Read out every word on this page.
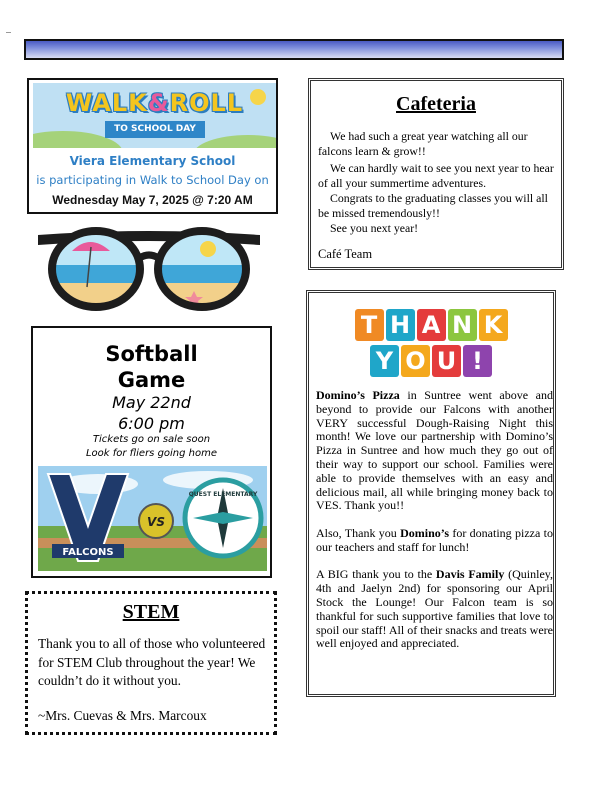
WALK&ROLL
TO SCHOOL DAY
Viera Elementary School
is participating in Walk to School Day on
Wednesday May 7, 2025 @ 7:20 AM
Softball
Game
May 22nd
6:00 pm
Tickets go on sale soon
Look for fliers going home
FALCONS
VS
QUEST ELEMENTARY
STEM
Thank you to all of those who volunteered for STEM Club throughout the year! We couldn’t do it without you.
~Mrs. Cuevas & Mrs. Marcoux
Cafeteria
We had such a great year watching all our falcons learn & grow!!
We can hardly wait to see you next year to hear of all your summertime adventures.
Congrats to the graduating classes you will all be missed tremendously!!
See you next year!
Café Team
T H A N K
Y O U !

Domino’s Pizza in Suntree went above and beyond to provide our Falcons with another VERY successful Dough-Raising Night this month! We love our partnership with Domino’s Pizza in Suntree and how much they go out of their way to support our school. Families were able to provide themselves with an easy and delicious mail, all while bringing money back to VES. Thank you!!

Also, Thank you Domino’s for donating pizza to our teachers and staff for lunch!

A BIG thank you to the Davis Family (Quinley, 4th and Jaelyn 2nd) for sponsoring our April Stock the Lounge! Our Falcon team is so thankful for such supportive families that love to spoil our staff! All of their snacks and treats were well enjoyed and appreciated.
